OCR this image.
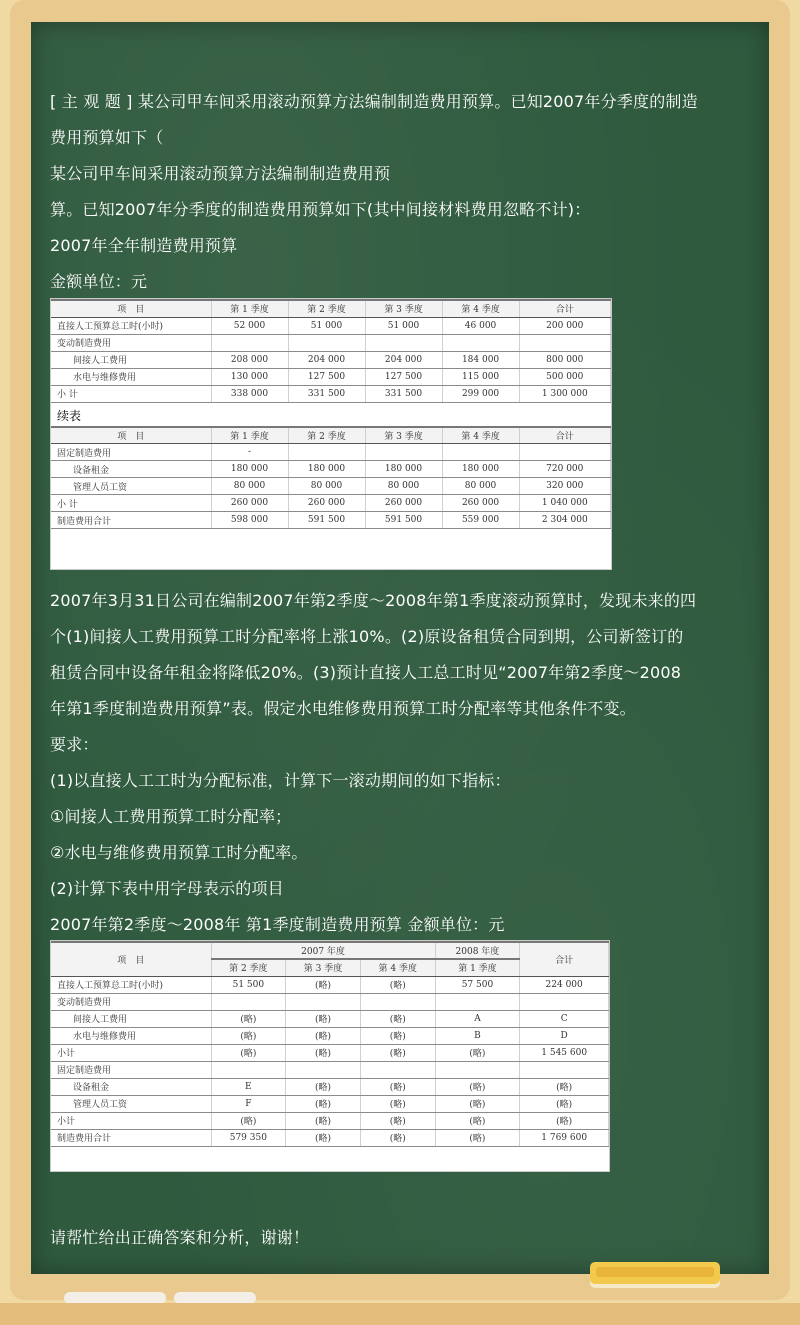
[ 主 观 题 ] 某公司甲车间采用滚动预算方法编制制造费用预算。已知2007年分季度的制造
费用预算如下（
某公司甲车间采用滚动预算方法编制制造费用预
算。已知2007年分季度的制造费用预算如下(其中间接材料费用忽略不计)：
2007年全年制造费用预算
金额单位：元
项　目	第 1 季度	第 2 季度	第 3 季度	第 4 季度	合计
直接人工预算总工时(小时)	52 000	51 000	51 000	46 000	200 000
变动制造费用					
间接人工费用	208 000	204 000	204 000	184 000	800 000
水电与维修费用	130 000	127 500	127 500	115 000	500 000
小 计	338 000	331 500	331 500	299 000	1 300 000
续表
项　目	第 1 季度	第 2 季度	第 3 季度	第 4 季度	合计
固定制造费用	-				
设备租金	180 000	180 000	180 000	180 000	720 000
管理人员工资	80 000	80 000	80 000	80 000	320 000
小 计	260 000	260 000	260 000	260 000	1 040 000
制造费用合计	598 000	591 500	591 500	559 000	2 304 000
2007年3月31日公司在编制2007年第2季度～2008年第1季度滚动预算时，发现未来的四
个(1)间接人工费用预算工时分配率将上涨10%。(2)原设备租赁合同到期，公司新签订的
租赁合同中设备年租金将降低20%。(3)预计直接人工总工时见“2007年第2季度～2008
年第1季度制造费用预算”表。假定水电维修费用预算工时分配率等其他条件不变。
要求：
(1)以直接人工工时为分配标准，计算下一滚动期间的如下指标：
①间接人工费用预算工时分配率；
②水电与维修费用预算工时分配率。
(2)计算下表中用字母表示的项目
2007年第2季度～2008年 第1季度制造费用预算 金额单位：元
项　目	2007 年度			2008 年度	合计
	第 2 季度	第 3 季度	第 4 季度	第 1 季度	
直接人工预算总工时(小时)	51 500	(略)	(略)	57 500	224 000
变动制造费用					
间接人工费用	(略)	(略)	(略)	A	C
水电与维修费用	(略)	(略)	(略)	B	D
小计	(略)	(略)	(略)	(略)	1 545 600
固定制造费用					
设备租金	E	(略)	(略)	(略)	(略)
管理人员工资	F	(略)	(略)	(略)	(略)
小计	(略)	(略)	(略)	(略)	(略)
制造费用合计	579 350	(略)	(略)	(略)	1 769 600
请帮忙给出正确答案和分析，谢谢！
